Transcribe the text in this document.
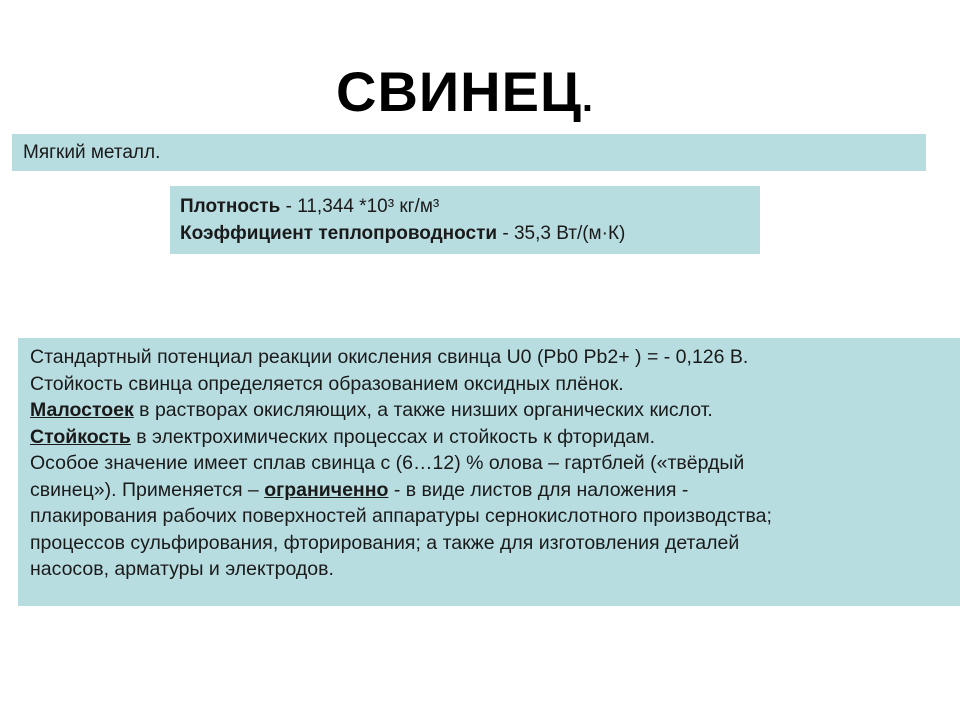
СВИНЕЦ.
Мягкий металл.
Плотность - 11,344 *10³ кг/м³
Коэффициент теплопроводности - 35,3 Вт/(м·К)
Стандартный потенциал реакции окисления свинца U0 (Pb0 Pb2+ ) = - 0,126 В.
Стойкость свинца определяется образованием оксидных плёнок.
Малостоек в растворах окисляющих, а также низших органических кислот.
Стойкость в электрохимических процессах и стойкость к фторидам.
Особое значение имеет сплав свинца с (6…12) % олова – гартблей («твёрдый
свинец»). Применяется – ограниченно - в виде листов для наложения -
плакирования рабочих поверхностей аппаратуры сернокислотного производства;
процессов сульфирования, фторирования; а также для изготовления деталей
насосов, арматуры и электродов.
